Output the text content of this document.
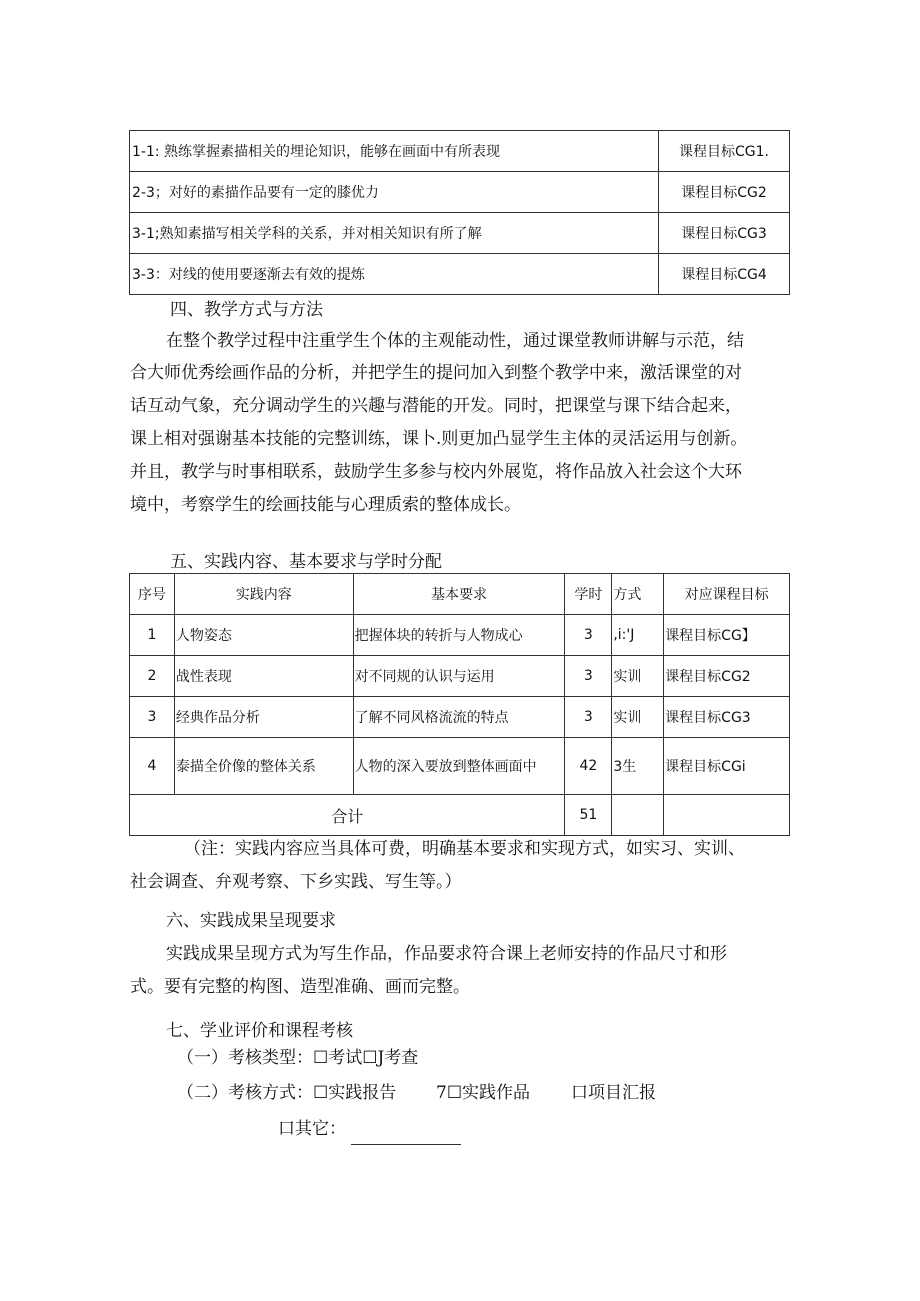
1-1: 熟练掌握素描相关的埋论知识，能够在画面中有所表现	课程目标CG1.
2-3；对好的素描作品要有一定的膝优力	课程目标CG2
3-1;熟知素描写相关学科的关系，并对相关知识有所了解	课程日标CG3
3-3：对线的使用要逐渐去有效的提炼	课程目标CG4
四、教学方式与方法
在整个教学过程中注重学生个体的主观能动性，通过课堂教师讲解与示范，结
合大师优秀绘画作品的分析，并把学生的提问加入到整个教学中来，激活课堂的对
话互动气象，充分调动学生的兴趣与潜能的开发。同时，把课堂与课下结合起来，
课上相对强谢基本技能的完整训练，课卜.则更加凸显学生主体的灵活运用与创新。
并且，教学与时事相联系，鼓励学生多参与校内外展览，将作品放入社会这个大环
境中，考察学生的绘画技能与心理质索的整体成长。
五、实践内容、基本要求与学时分配
序号	实践内容	基本要求	学时	方式	对应课程目标
1	人物姿态	把握体块的转折与人物成心	3	,i:'J	课程目标CG】
2	战性表现	对不同规的认识与运用	3	实训	课程目标CG2
3	经典作品分析	了解不同风格流流的特点	3	实训	课程目标CG3
4	泰描全价像的整体关系	人物的深入要放到整体画面中	42	3生	课程目标CGi
合计			51		
（注：实践内容应当具体可费，明确基本要求和实现方式，如实习、实训、
社会调查、弁观考察、下乡实践、写生等。）
六、实践成果呈现要求
实践成果呈现方式为写生作品，作品要求符合课上老师安持的作品尺寸和形
式。要有完整的构图、造型准确、画而完整。
七、学业评价和课程考核
（一）考核类型：☐考试☐J考查
（二）考核方式：☐实践报告 7☐实践作品 口项目汇报
口其它：
